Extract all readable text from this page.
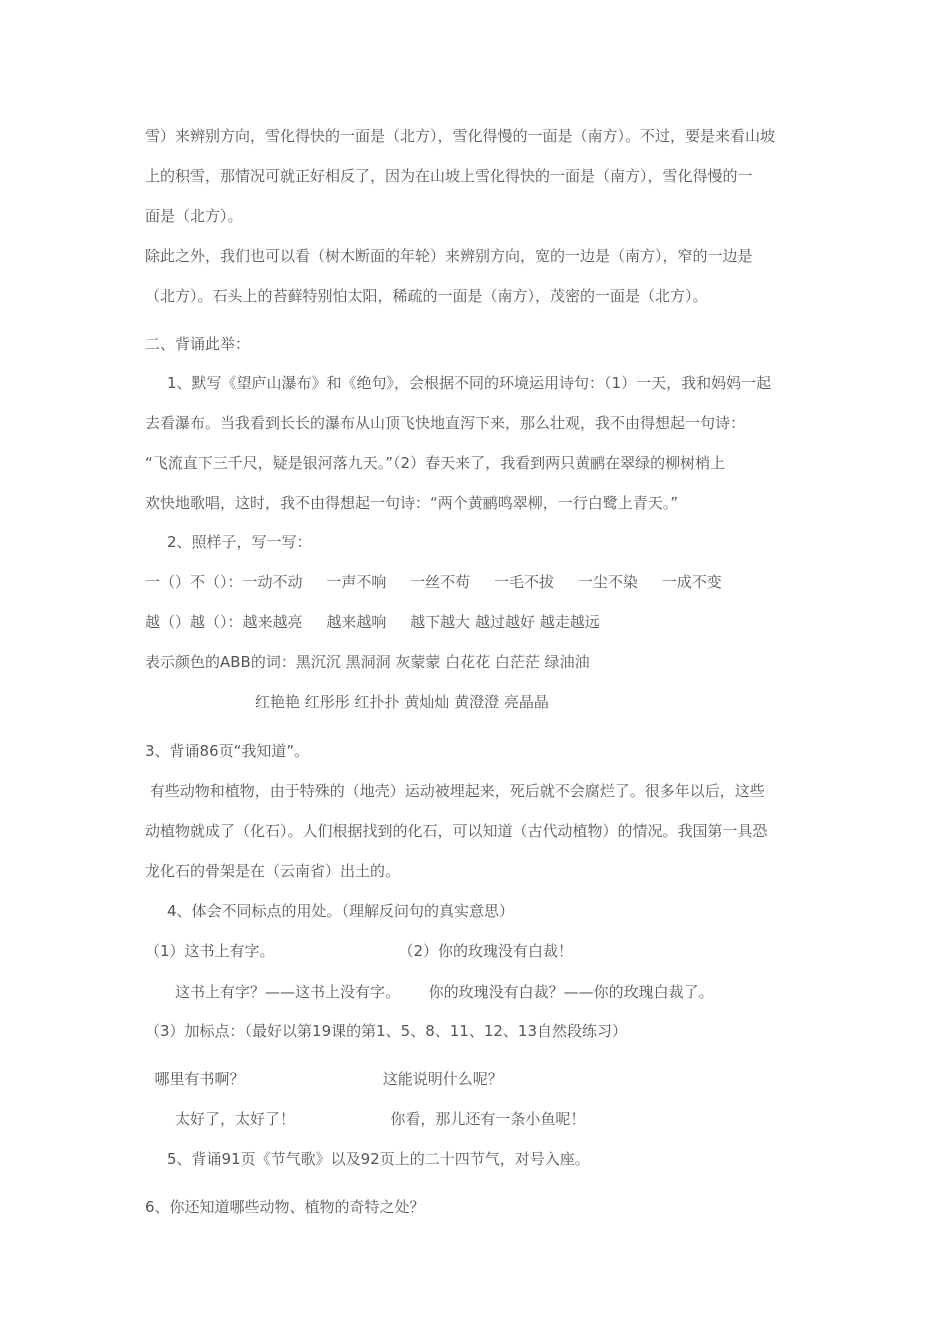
雪）来辨别方向，雪化得快的一面是（北方），雪化得慢的一面是（南方）。不过，要是来看山坡
上的积雪，那情况可就正好相反了，因为在山坡上雪化得快的一面是（南方），雪化得慢的一
面是（北方）。
除此之外，我们也可以看（树木断面的年轮）来辨别方向，宽的一边是（南方），窄的一边是
（北方）。石头上的苔藓特别怕太阳，稀疏的一面是（南方），茂密的一面是（北方）。
二、背诵此举：
1、默写《望庐山瀑布》和《绝句》，会根据不同的环境运用诗句：（1）一天，我和妈妈一起
去看瀑布。当我看到长长的瀑布从山顶飞快地直泻下来，那么壮观，我不由得想起一句诗：
“飞流直下三千尺，疑是银河落九天。”（2）春天来了，我看到两只黄鹂在翠绿的柳树梢上
欢快地歌唱，这时，我不由得想起一句诗：“两个黄鹂鸣翠柳，一行白鹭上青天。”
2、照样子，写一写：
一（）不（）：一动不动     一声不响     一丝不苟     一毛不拔     一尘不染     一成不变
越（）越（）：越来越亮     越来越响     越下越大 越过越好 越走越远
表示颜色的ABB的词：黑沉沉 黑洞洞 灰蒙蒙 白花花 白茫茫 绿油油
红艳艳 红彤彤 红扑扑 黄灿灿 黄澄澄 亮晶晶
3、背诵86页“我知道”。
有些动物和植物，由于特殊的（地壳）运动被埋起来，死后就不会腐烂了。很多年以后，这些
动植物就成了（化石）。人们根据找到的化石，可以知道（古代动植物）的情况。我国第一具恐
龙化石的骨架是在（云南省）出土的。
4、体会不同标点的用处。（理解反问句的真实意思）
（1）这书上有字。                          （2）你的玫瑰没有白裁！
这书上有字？——这书上没有字。      你的玫瑰没有白裁？——你的玫瑰白裁了。
（3）加标点：（最好以第19课的第1、5、8、11、12、13自然段练习）
哪里有书啊？                             这能说明什么呢？
太好了，太好了！                    你看，那儿还有一条小鱼呢！
5、背诵91页《节气歌》以及92页上的二十四节气，对号入座。
6、你还知道哪些动物、植物的奇特之处？
